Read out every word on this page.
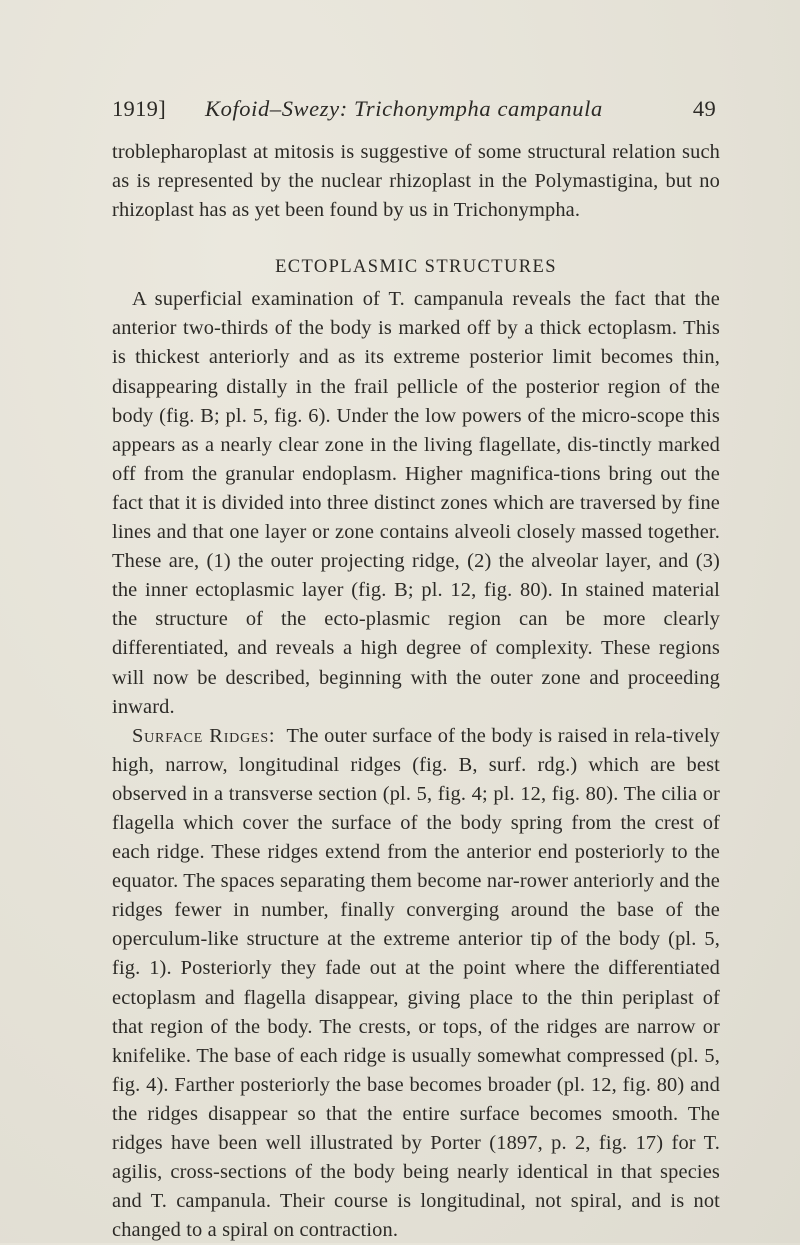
1919] Kofoid–Swezy: Trichonympha campanula	49

troblepharoplast at mitosis is suggestive of some structural relation such as is represented by the nuclear rhizoplast in the Polymastigina, but no rhizoplast has as yet been found by us in Trichonympha.

ECTOPLASMIC STRUCTURES

A superficial examination of T. campanula reveals the fact that the anterior two-thirds of the body is marked off by a thick ectoplasm. This is thickest anteriorly and as its extreme posterior limit becomes thin, disappearing distally in the frail pellicle of the posterior region of the body (fig. B; pl. 5, fig. 6). Under the low powers of the micro-scope this appears as a nearly clear zone in the living flagellate, dis-tinctly marked off from the granular endoplasm. Higher magnifica-tions bring out the fact that it is divided into three distinct zones which are traversed by fine lines and that one layer or zone contains alveoli closely massed together. These are, (1) the outer projecting ridge, (2) the alveolar layer, and (3) the inner ectoplasmic layer (fig. B; pl. 12, fig. 80). In stained material the structure of the ecto-plasmic region can be more clearly differentiated, and reveals a high degree of complexity. These regions will now be described, beginning with the outer zone and proceeding inward.

Surface Ridges: The outer surface of the body is raised in rela-tively high, narrow, longitudinal ridges (fig. B, surf. rdg.) which are best observed in a transverse section (pl. 5, fig. 4; pl. 12, fig. 80). The cilia or flagella which cover the surface of the body spring from the crest of each ridge. These ridges extend from the anterior end posteriorly to the equator. The spaces separating them become nar-rower anteriorly and the ridges fewer in number, finally converging around the base of the operculum-like structure at the extreme anterior tip of the body (pl. 5, fig. 1). Posteriorly they fade out at the point where the differentiated ectoplasm and flagella disappear, giving place to the thin periplast of that region of the body. The crests, or tops, of the ridges are narrow or knifelike. The base of each ridge is usually somewhat compressed (pl. 5, fig. 4). Farther posteriorly the base becomes broader (pl. 12, fig. 80) and the ridges disappear so that the entire surface becomes smooth. The ridges have been well illustrated by Porter (1897, p. 2, fig. 17) for T. agilis, cross-sections of the body being nearly identical in that species and T. campanula. Their course is longitudinal, not spiral, and is not changed to a spiral on contraction.
